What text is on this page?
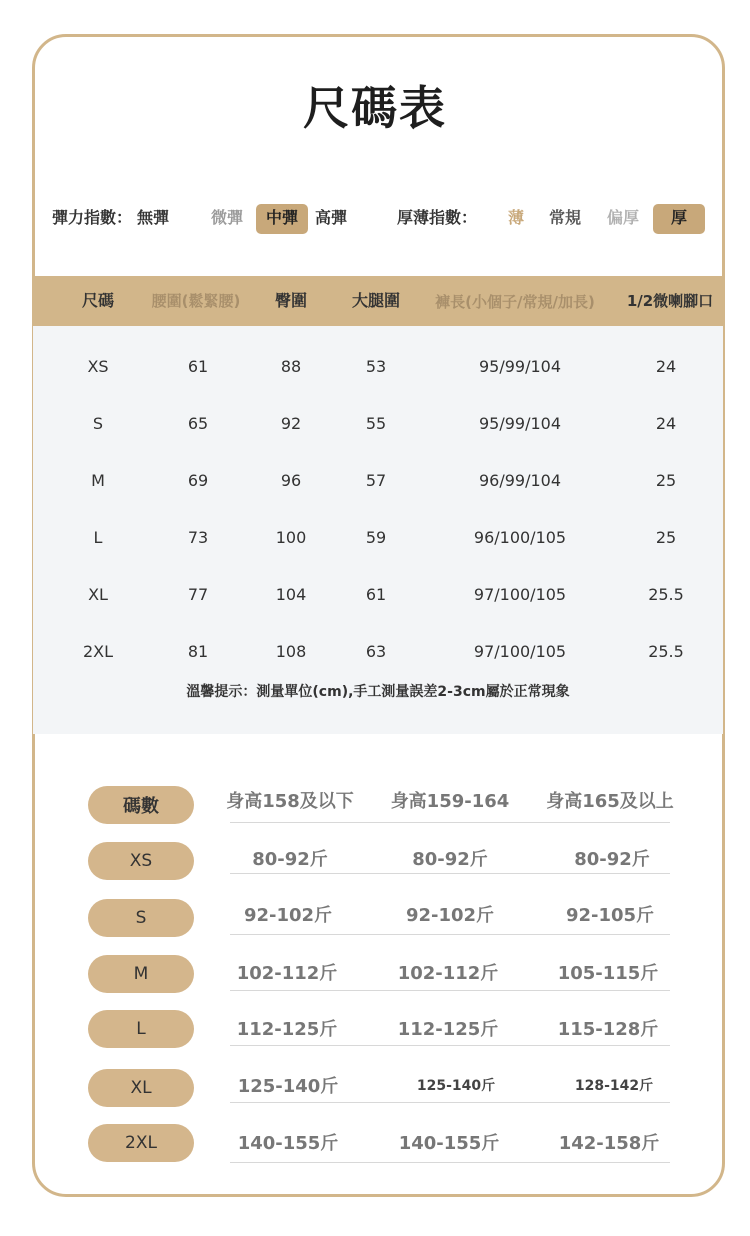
尺碼表
彈力指數： 無彈	微彈	中彈	高彈	厚薄指數： 薄 常規 偏厚	厚
尺碼	腰圍(鬆緊腰)	臀圍	大腿圍	褲長(小個子/常規/加長)	1/2微喇腳口
XS	61	88	53	95/99/104	24
S	65	92	55	95/99/104	24
M	69	96	57	96/99/104	25
L	73	100	59	96/100/105	25
XL	77	104	61	97/100/105	25.5
2XL	81	108	63	97/100/105	25.5
溫馨提示：測量單位(cm),手工測量誤差2-3cm屬於正常現象
碼數	身高158及以下	身高159-164	身高165及以上
XS	80-92斤	80-92斤	80-92斤
S	92-102斤	92-102斤	92-105斤
M	102-112斤	102-112斤	105-115斤
L	112-125斤	112-125斤	115-128斤
XL	125-140斤	125-140斤	128-142斤
2XL	140-155斤	140-155斤	142-158斤
